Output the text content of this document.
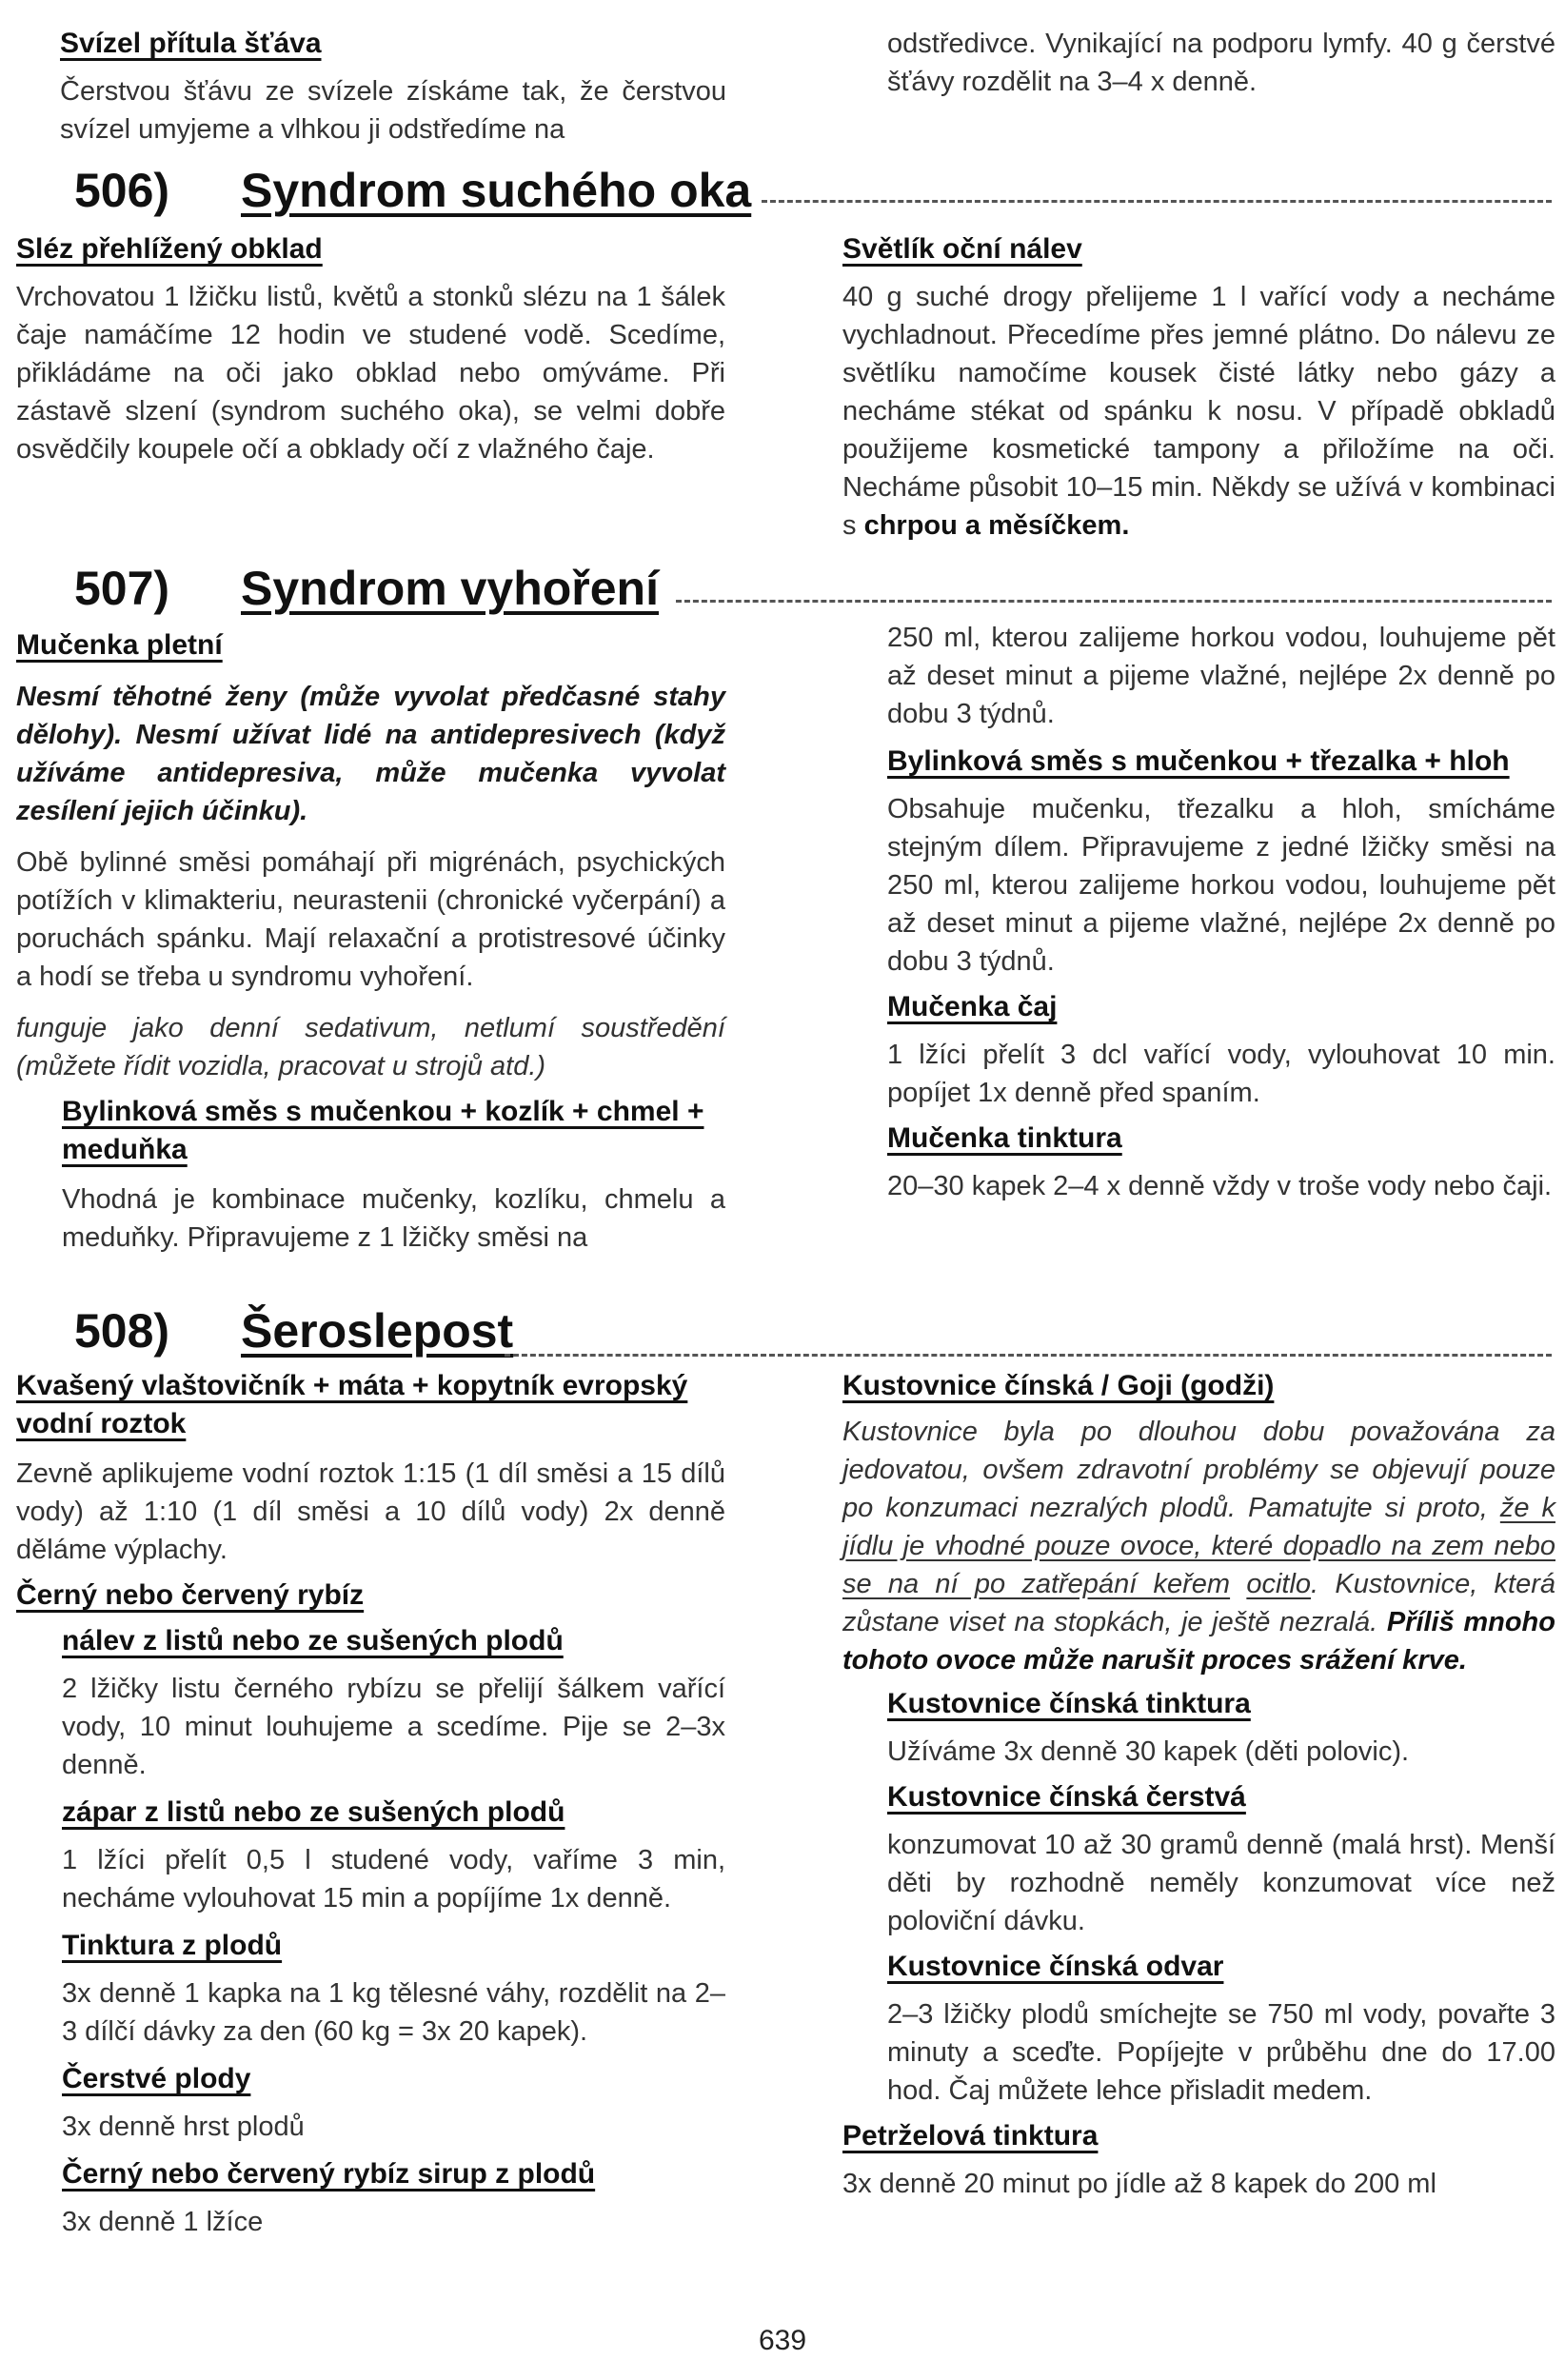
Svízel přítula šťáva

Čerstvou šťávu ze svízele získáme tak, že čerstvou svízel umyjeme a vlhkou ji odstředíme na

odstředivce. Vynikající na podporu lymfy. 40 g čerstvé šťávy rozdělit na 3–4 x denně.

506) Syndrom suchého oka

Sléz přehlížený obklad

Vrchovatou 1 lžičku listů, květů a stonků slézu na 1 šálek čaje namáčíme 12 hodin ve studené vodě. Scedíme, přikládáme na oči jako obklad nebo omýváme. Při zástavě slzení (syndrom suchého oka), se velmi dobře osvědčily koupele očí a obklady očí z vlažného čaje.

Světlík oční nálev

40 g suché drogy přelijeme 1 l vařící vody a necháme vychladnout. Přecedíme přes jemné plátno. Do nálevu ze světlíku namočíme kousek čisté látky nebo gázy a necháme stékat od spánku k nosu. V případě obkladů použijeme kosmetické tampony a přiložíme na oči. Necháme působit 10–15 min. Někdy se užívá v kombinaci s chrpou a měsíčkem.

507) Syndrom vyhoření

Mučenka pletní

Nesmí těhotné ženy (může vyvolat předčasné stahy dělohy). Nesmí užívat lidé na antidepresivech (když užíváme antidepresiva, může mučenka vyvolat zesílení jejich účinku).

Obě bylinné směsi pomáhají při migrénách, psychických potížích v klimakteriu, neurastenii (chronické vyčerpání) a poruchách spánku. Mají relaxační a protistresové účinky a hodí se třeba u syndromu vyhoření.

funguje jako denní sedativum, netlumí soustředění (můžete řídit vozidla, pracovat u strojů atd.)

Bylinková směs s mučenkou + kozlík + chmel + meduňka

Vhodná je kombinace mučenky, kozlíku, chmelu a meduňky. Připravujeme z 1 lžičky směsi na

250 ml, kterou zalijeme horkou vodou, louhujeme pět až deset minut a pijeme vlažné, nejlépe 2x denně po dobu 3 týdnů.

Bylinková směs s mučenkou + třezalka + hloh

Obsahuje mučenku, třezalku a hloh, smícháme stejným dílem. Připravujeme z jedné lžičky směsi na 250 ml, kterou zalijeme horkou vodou, louhujeme pět až deset minut a pijeme vlažné, nejlépe 2x denně po dobu 3 týdnů.

Mučenka čaj

1 lžíci přelít 3 dcl vařící vody, vylouhovat 10 min. popíjet 1x denně před spaním.

Mučenka tinktura

20–30 kapek 2–4 x denně vždy v troše vody nebo čaji.

508) Šeroslepost

Kvašený vlaštovičník + máta + kopytník evropský vodní roztok

Zevně aplikujeme vodní roztok 1:15 (1 díl směsi a 15 dílů vody) až 1:10 (1 díl směsi a 10 dílů vody) 2x denně děláme výplachy.

Černý nebo červený rybíz

nálev z listů nebo ze sušených plodů

2 lžičky listu černého rybízu se přelijí šálkem vařící vody, 10 minut louhujeme a scedíme. Pije se 2–3x denně.

zápar z listů nebo ze sušených plodů

1 lžíci přelít 0,5 l studené vody, vaříme 3 min, necháme vylouhovat 15 min a popíjíme 1x denně.

Tinktura z plodů

3x denně 1 kapka na 1 kg tělesné váhy, rozdělit na 2–3 dílčí dávky za den (60 kg = 3x 20 kapek).

Čerstvé plody

3x denně hrst plodů

Černý nebo červený rybíz sirup z plodů

3x denně 1 lžíce

Kustovnice čínská / Goji (godži)

Kustovnice byla po dlouhou dobu považována za jedovatou, ovšem zdravotní problémy se objevují pouze po konzumaci nezralých plodů. Pamatujte si proto, že k jídlu je vhodné pouze ovoce, které dopadlo na zem nebo se na ní po zatřepání keřem ocitlo. Kustovnice, která zůstane viset na stopkách, je ještě nezralá. Příliš mnoho tohoto ovoce může narušit proces srážení krve.

Kustovnice čínská tinktura

Užíváme 3x denně 30 kapek (děti polovic).

Kustovnice čínská čerstvá

konzumovat 10 až 30 gramů denně (malá hrst). Menší děti by rozhodně neměly konzumovat více než poloviční dávku.

Kustovnice čínská odvar

2–3 lžičky plodů smíchejte se 750 ml vody, povařte 3 minuty a sceďte. Popíjejte v průběhu dne do 17.00 hod. Čaj můžete lehce přisladit medem.

Petrželová tinktura

3x denně 20 minut po jídle až 8 kapek do 200 ml

639
